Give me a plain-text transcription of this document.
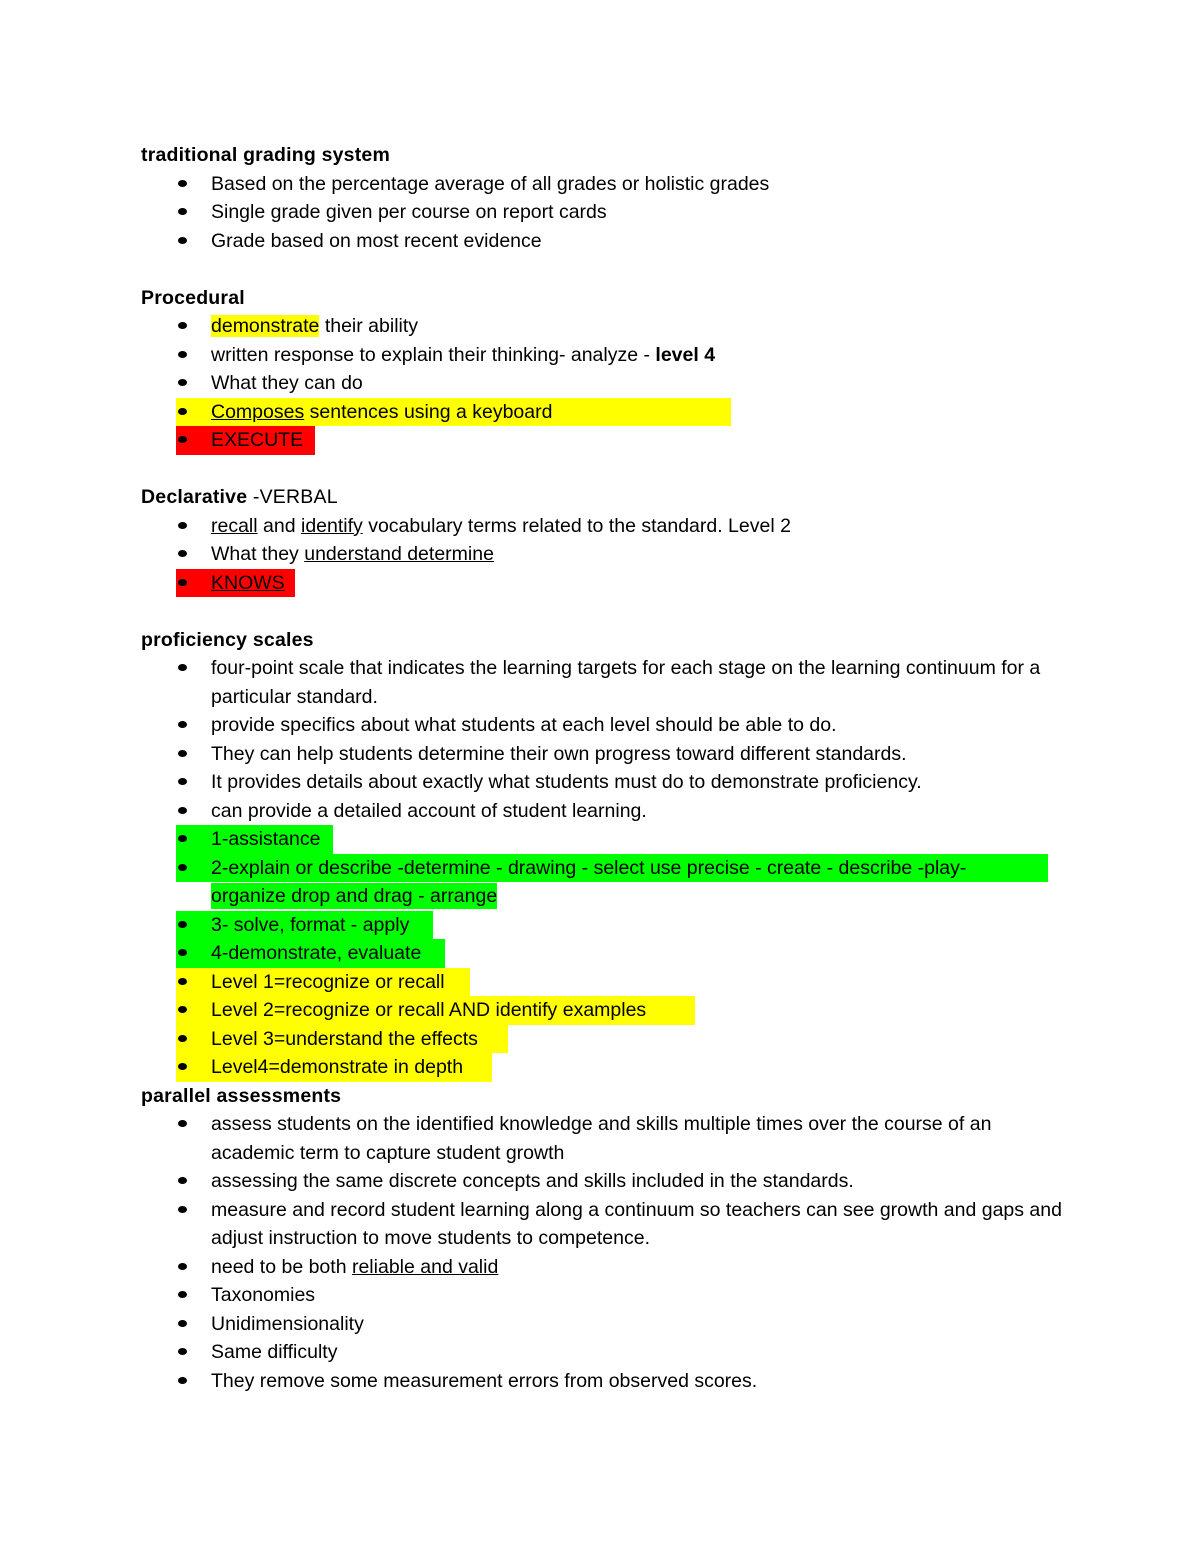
traditional grading system

Based on the percentage average of all grades or holistic grades
Single grade given per course on report cards
Grade based on most recent evidence

Procedural

demonstrate their ability
written response to explain their thinking- analyze - level 4
What they can do
Composes sentences using a keyboard
EXECUTE

Declarative -VERBAL

recall and identify vocabulary terms related to the standard. Level 2
What they understand determine
KNOWS

proficiency scales

four-point scale that indicates the learning targets for each stage on the learning continuum for a particular standard.
provide specifics about what students at each level should be able to do.
They can help students determine their own progress toward different standards.
It provides details about exactly what students must do to demonstrate proficiency.
can provide a detailed account of student learning.
1-assistance
2-explain or describe -determine - drawing - select use precise - create - describe -play-
organize drop and drag - arrange
3- solve, format - apply
4-demonstrate, evaluate
Level 1=recognize or recall
Level 2=recognize or recall AND identify examples
Level 3=understand the effects
Level4=demonstrate in depth

parallel assessments

assess students on the identified knowledge and skills multiple times over the course of an academic term to capture student growth
assessing the same discrete concepts and skills included in the standards.
measure and record student learning along a continuum so teachers can see growth and gaps and adjust instruction to move students to competence.
need to be both reliable and valid
Taxonomies
Unidimensionality
Same difficulty
They remove some measurement errors from observed scores.
